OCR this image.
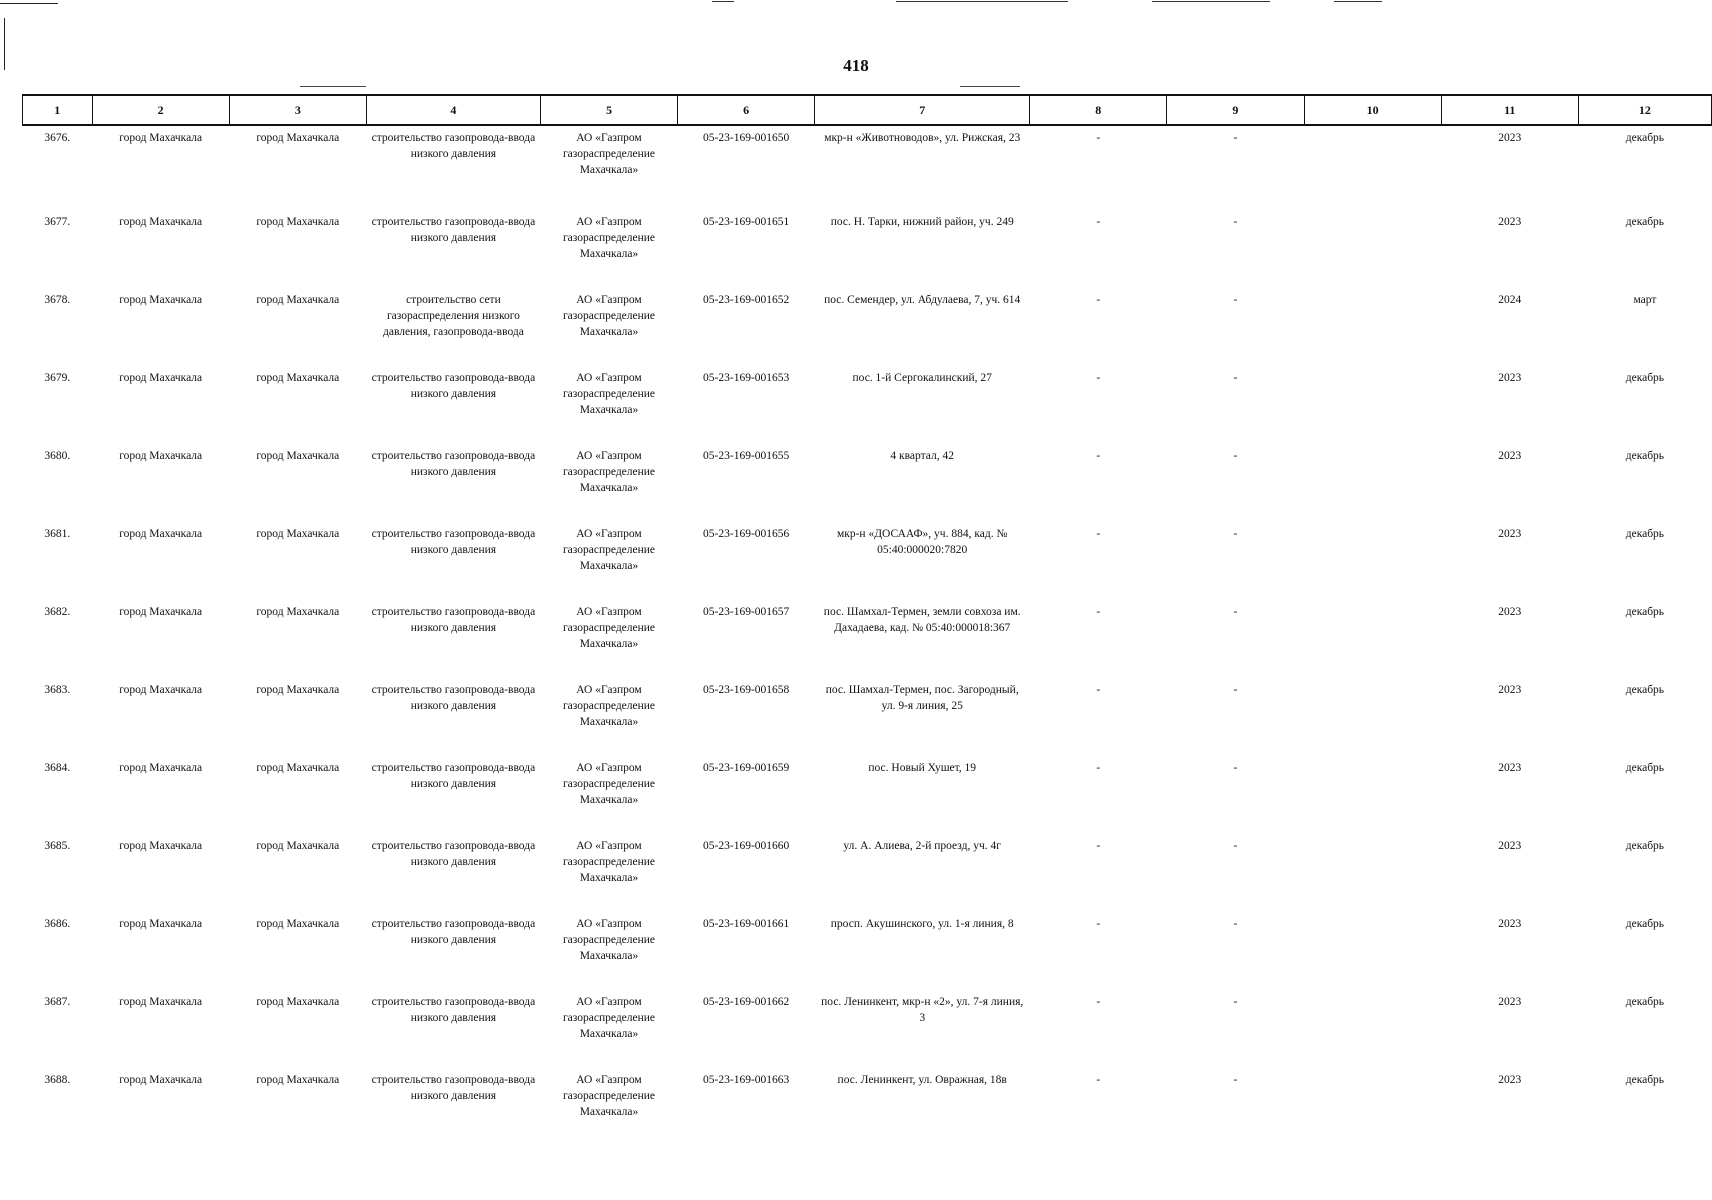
418
1	2	3	4	5	6	7	8	9	10	11	12
3676.	город Махачкала	город Махачкала	строительство газопровода-ввода низкого давления	АО «Газпром газораспределение Махачкала»	05-23-169-001650	мкр-н «Животноводов», ул. Рижская, 23	-	-		2023	декабрь
3677.	город Махачкала	город Махачкала	строительство газопровода-ввода низкого давления	АО «Газпром газораспределение Махачкала»	05-23-169-001651	пос. Н. Тарки, нижний район, уч. 249	-	-		2023	декабрь
3678.	город Махачкала	город Махачкала	строительство сети газораспределения низкого давления, газопровода-ввода	АО «Газпром газораспределение Махачкала»	05-23-169-001652	пос. Семендер, ул. Абдулаева, 7, уч. 614	-	-		2024	март
3679.	город Махачкала	город Махачкала	строительство газопровода-ввода низкого давления	АО «Газпром газораспределение Махачкала»	05-23-169-001653	пос. 1-й Сергокалинский, 27	-	-		2023	декабрь
3680.	город Махачкала	город Махачкала	строительство газопровода-ввода низкого давления	АО «Газпром газораспределение Махачкала»	05-23-169-001655	4 квартал, 42	-	-		2023	декабрь
3681.	город Махачкала	город Махачкала	строительство газопровода-ввода низкого давления	АО «Газпром газораспределение Махачкала»	05-23-169-001656	мкр-н «ДОСААФ», уч. 884, кад. № 05:40:000020:7820	-	-		2023	декабрь
3682.	город Махачкала	город Махачкала	строительство газопровода-ввода низкого давления	АО «Газпром газораспределение Махачкала»	05-23-169-001657	пос. Шамхал-Термен, земли совхоза им. Дахадаева, кад. № 05:40:000018:367	-	-		2023	декабрь
3683.	город Махачкала	город Махачкала	строительство газопровода-ввода низкого давления	АО «Газпром газораспределение Махачкала»	05-23-169-001658	пос. Шамхал-Термен, пос. Загородный, ул. 9-я линия, 25	-	-		2023	декабрь
3684.	город Махачкала	город Махачкала	строительство газопровода-ввода низкого давления	АО «Газпром газораспределение Махачкала»	05-23-169-001659	пос. Новый Хушет, 19	-	-		2023	декабрь
3685.	город Махачкала	город Махачкала	строительство газопровода-ввода низкого давления	АО «Газпром газораспределение Махачкала»	05-23-169-001660	ул. А. Алиева, 2-й проезд, уч. 4г	-	-		2023	декабрь
3686.	город Махачкала	город Махачкала	строительство газопровода-ввода низкого давления	АО «Газпром газораспределение Махачкала»	05-23-169-001661	просп. Акушинского, ул. 1-я линия, 8	-	-		2023	декабрь
3687.	город Махачкала	город Махачкала	строительство газопровода-ввода низкого давления	АО «Газпром газораспределение Махачкала»	05-23-169-001662	пос. Ленинкент, мкр-н «2», ул. 7-я линия, 3	-	-		2023	декабрь
3688.	город Махачкала	город Махачкала	строительство газопровода-ввода низкого давления	АО «Газпром газораспределение Махачкала»	05-23-169-001663	пос. Ленинкент, ул. Овражная, 18в	-	-		2023	декабрь
